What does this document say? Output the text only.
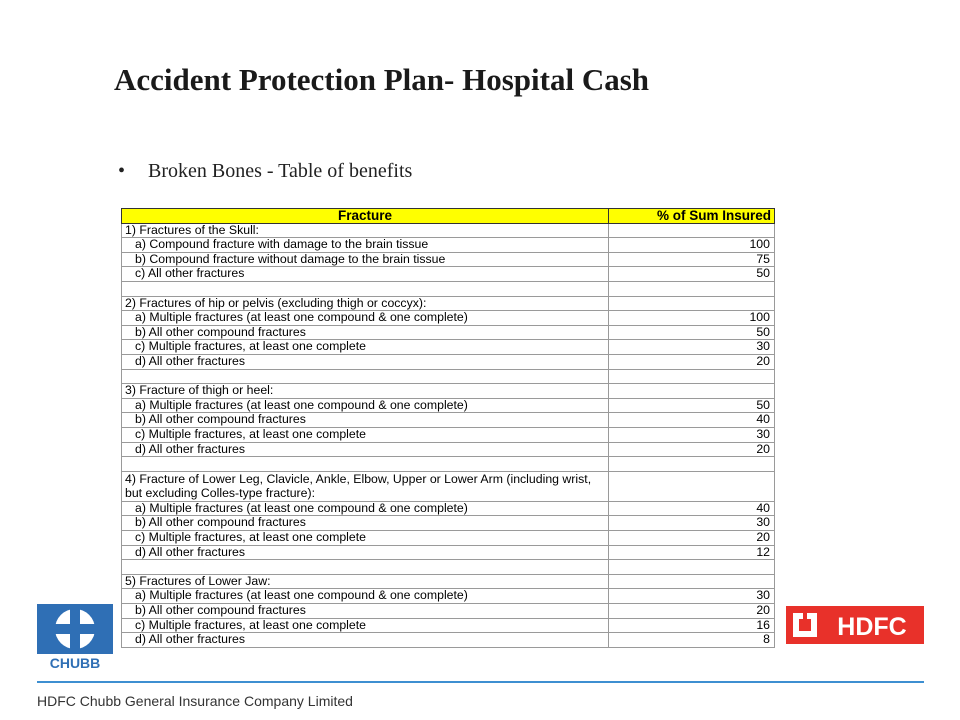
Accident Protection Plan- Hospital Cash
• Broken Bones - Table of benefits
Fracture	% of Sum Insured
1) Fractures of the Skull:	
a) Compound fracture with damage to the brain tissue	100
b) Compound fracture without damage to the brain tissue	75
c) All other fractures	50

2) Fractures of hip or pelvis (excluding thigh or coccyx):	
a) Multiple fractures (at least one compound & one complete)	100
b) All other compound fractures	50
c) Multiple fractures, at least one complete	30
d) All other fractures	20

3) Fracture of thigh or heel:	
a) Multiple fractures (at least one compound & one complete)	50
b) All other compound fractures	40
c) Multiple fractures, at least one complete	30
d) All other fractures	20

4) Fracture of Lower Leg, Clavicle, Ankle, Elbow, Upper or Lower Arm (including wrist, but excluding Colles-type fracture):	
a) Multiple fractures (at least one compound & one complete)	40
b) All other compound fractures	30
c) Multiple fractures, at least one complete	20
d) All other fractures	12

5) Fractures of Lower Jaw:	
a) Multiple fractures (at least one compound & one complete)	30
b) All other compound fractures	20
c) Multiple fractures, at least one complete	16
d) All other fractures	8
CHUBB
HDFC
HDFC Chubb General Insurance Company Limited
